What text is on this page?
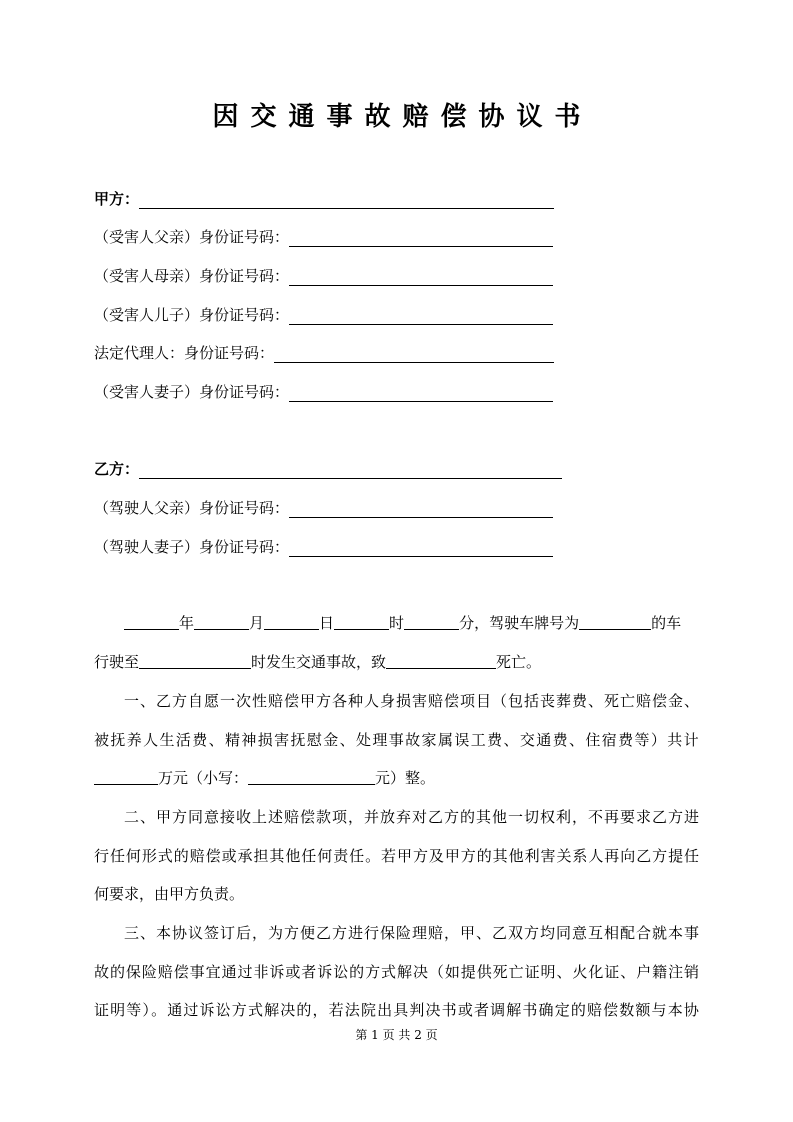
因交通事故赔偿协议书
甲方：
（受害人父亲）身份证号码：
（受害人母亲）身份证号码：
（受害人儿子）身份证号码：
法定代理人：身份证号码：
（受害人妻子）身份证号码：
乙方：
（驾驶人父亲）身份证号码：
（驾驶人妻子）身份证号码：
年	月	日	时	分，驾驶车牌号为	的车
行驶至	时发生交通事故，致	死亡。
一、乙方自愿一次性赔偿甲方各种人身损害赔偿项目（包括丧葬费、死亡赔偿金、
被抚养人生活费、精神损害抚慰金、处理事故家属误工费、交通费、住宿费等）共计
万元（小写：	元）整。
二、甲方同意接收上述赔偿款项，并放弃对乙方的其他一切权利，不再要求乙方进
行任何形式的赔偿或承担其他任何责任。若甲方及甲方的其他利害关系人再向乙方提任
何要求，由甲方负责。
三、本协议签订后，为方便乙方进行保险理赔，甲、乙双方均同意互相配合就本事
故的保险赔偿事宜通过非诉或者诉讼的方式解决（如提供死亡证明、火化证、户籍注销
证明等）。通过诉讼方式解决的，若法院出具判决书或者调解书确定的赔偿数额与本协
第 1 页 共 2 页
